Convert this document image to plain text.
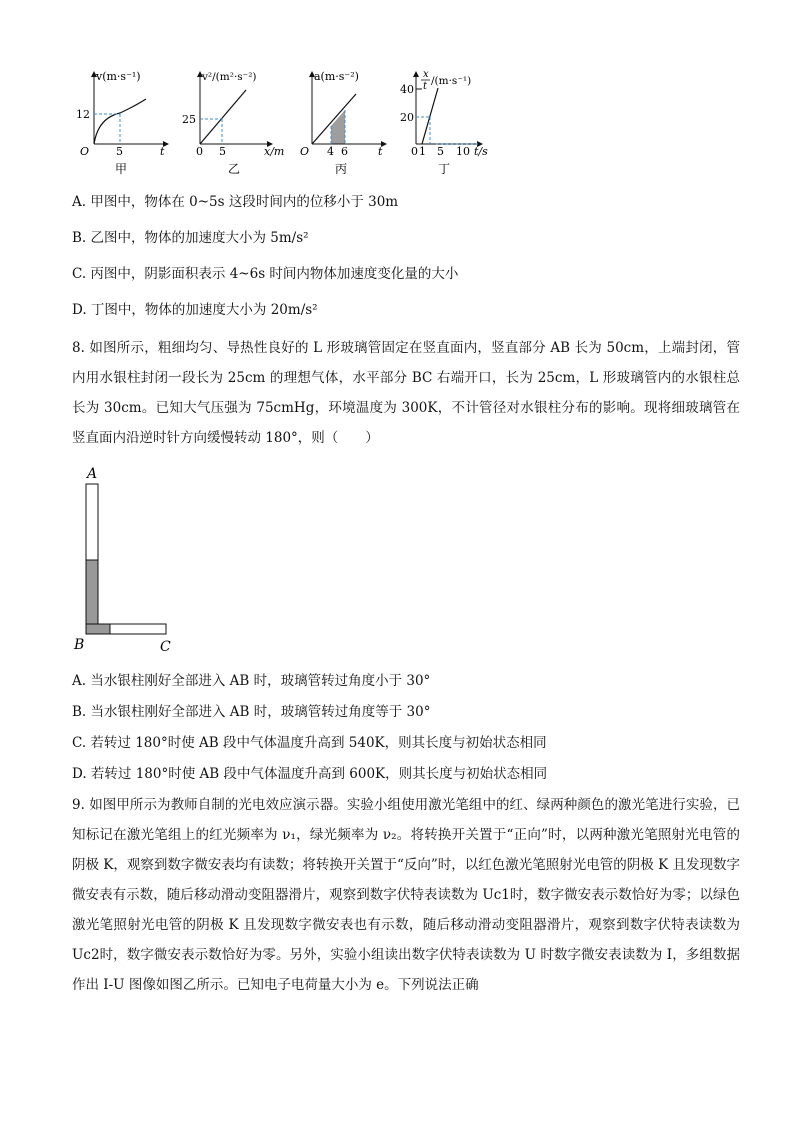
v(m·s⁻¹)
12
O 5	t
甲
v²/(m²·s⁻²)
25
0 5	x/m
乙
a(m·s⁻²)
O 4 6	t
丙
x
t /(m·s⁻¹)
40
20
0 1 5 10 t/s
丁
A. 甲图中，物体在 0~5s 这段时间内的位移小于 30m
B. 乙图中，物体的加速度大小为 5m/s²
C. 丙图中，阴影面积表示 4~6s 时间内物体加速度变化量的大小
D. 丁图中，物体的加速度大小为 20m/s²
8. 如图所示，粗细均匀、导热性良好的 L 形玻璃管固定在竖直面内，竖直部分 AB 长为 50cm，上端封闭，管内用水银柱封闭一段长为 25cm 的理想气体，水平部分 BC 右端开口，长为 25cm，L 形玻璃管内的水银柱总长为 30cm。已知大气压强为 75cmHg，环境温度为 300K，不计管径对水银柱分布的影响。现将细玻璃管在竖直面内沿逆时针方向缓慢转动 180°，则（　　）
A
B	C
A. 当水银柱刚好全部进入 AB 时，玻璃管转过角度小于 30°
B. 当水银柱刚好全部进入 AB 时，玻璃管转过角度等于 30°
C. 若转过 180°时使 AB 段中气体温度升高到 540K，则其长度与初始状态相同
D. 若转过 180°时使 AB 段中气体温度升高到 600K，则其长度与初始状态相同
9. 如图甲所示为教师自制的光电效应演示器。实验小组使用激光笔组中的红、绿两种颜色的激光笔进行实验，已知标记在激光笔组上的红光频率为 ν₁，绿光频率为 ν₂。将转换开关置于“正向”时，以两种激光笔照射光电管的阴极 K，观察到数字微安表均有读数；将转换开关置于“反向”时，以红色激光笔照射光电管的阴极 K 且发现数字微安表有示数，随后移动滑动变阻器滑片，观察到数字伏特表读数为 Uc1时，数字微安表示数恰好为零；以绿色激光笔照射光电管的阴极 K 且发现数字微安表也有示数，随后移动滑动变阻器滑片，观察到数字伏特表读数为 Uc2时，数字微安表示数恰好为零。另外，实验小组读出数字伏特表读数为 U 时数字微安表读数为 I，多组数据作出 I-U 图像如图乙所示。已知电子电荷量大小为 e。下列说法正确
